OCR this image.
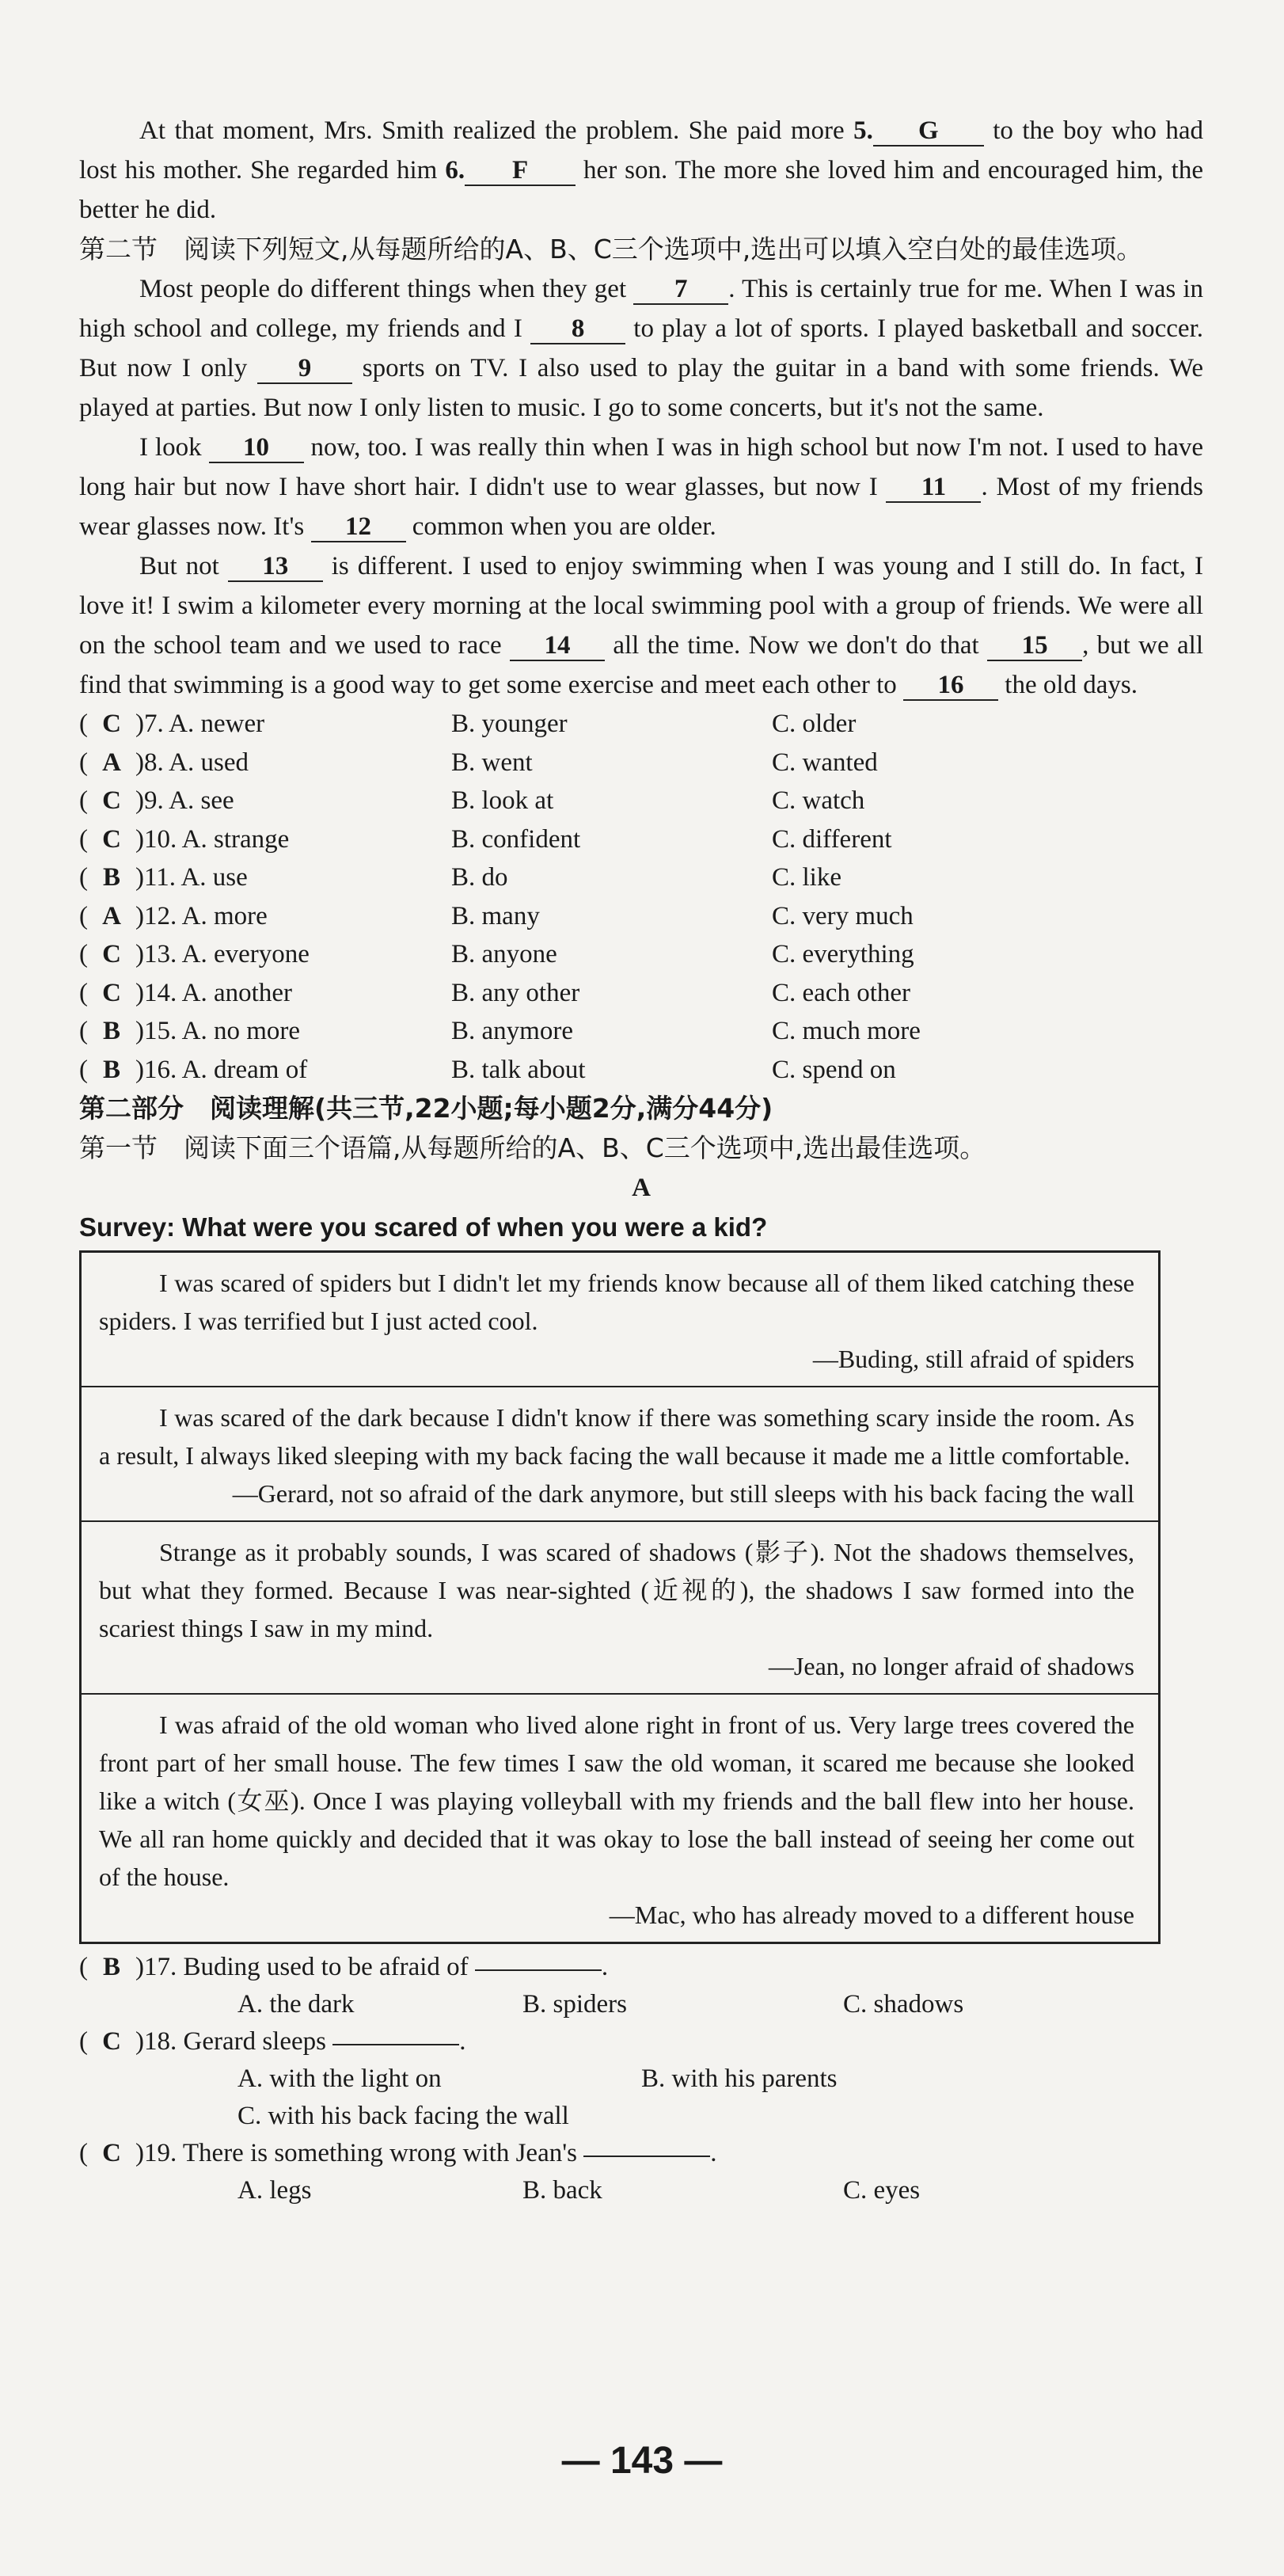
At that moment, Mrs. Smith realized the problem. She paid more 5. G to the boy who had lost his mother. She regarded him 6. F her son. The more she loved him and encouraged him, the better he did.

第二节　阅读下列短文,从每题所给的A、B、C三个选项中,选出可以填入空白处的最佳选项。

Most people do different things when they get 7 . This is certainly true for me. When I was in high school and college, my friends and I 8 to play a lot of sports. I played basketball and soccer. But now I only 9 sports on TV. I also used to play the guitar in a band with some friends. We played at parties. But now I only listen to music. I go to some concerts, but it's not the same.

I look 10 now, too. I was really thin when I was in high school but now I'm not. I used to have long hair but now I have short hair. I didn't use to wear glasses, but now I 11 . Most of my friends wear glasses now. It's 12 common when you are older.

But not 13 is different. I used to enjoy swimming when I was young and I still do. In fact, I love it! I swim a kilometer every morning at the local swimming pool with a group of friends. We were all on the school team and we used to race 14 all the time. Now we don't do that 15 , but we all find that swimming is a good way to get some exercise and meet each other to 16 the old days.

( C )7. A. newer	B. younger	C. older
( A )8. A. used	B. went	C. wanted
( C )9. A. see	B. look at	C. watch
( C )10. A. strange	B. confident	C. different
( B )11. A. use	B. do	C. like
( A )12. A. more	B. many	C. very much
( C )13. A. everyone	B. anyone	C. everything
( C )14. A. another	B. any other	C. each other
( B )15. A. no more	B. anymore	C. much more
( B )16. A. dream of	B. talk about	C. spend on

第二部分　阅读理解(共三节,22小题;每小题2分,满分44分)

第一节　阅读下面三个语篇,从每题所给的A、B、C三个选项中,选出最佳选项。

A

Survey: What were you scared of when you were a kid?

I was scared of spiders but I didn't let my friends know because all of them liked catching these spiders. I was terrified but I just acted cool.

—Buding, still afraid of spiders

I was scared of the dark because I didn't know if there was something scary inside the room. As a result, I always liked sleeping with my back facing the wall because it made me a little comfortable.

—Gerard, not so afraid of the dark anymore, but still sleeps with his back facing the wall

Strange as it probably sounds, I was scared of shadows (影子). Not the shadows themselves, but what they formed. Because I was near-sighted (近视的), the shadows I saw formed into the scariest things I saw in my mind.

—Jean, no longer afraid of shadows

I was afraid of the old woman who lived alone right in front of us. Very large trees covered the front part of her small house. The few times I saw the old woman, it scared me because she looked like a witch (女巫). Once I was playing volleyball with my friends and the ball flew into her house. We all ran home quickly and decided that it was okay to lose the ball instead of seeing her come out of the house.

—Mac, who has already moved to a different house

( B )17. Buding used to be afraid of
	.
A. the dark	B. spiders	C. shadows
( C )18. Gerard sleeps
	.
A. with the light on	B. with his parents
C. with his back facing the wall
( C )19. There is something wrong with Jean's
	.
A. legs	B. back	C. eyes
— 143 —
